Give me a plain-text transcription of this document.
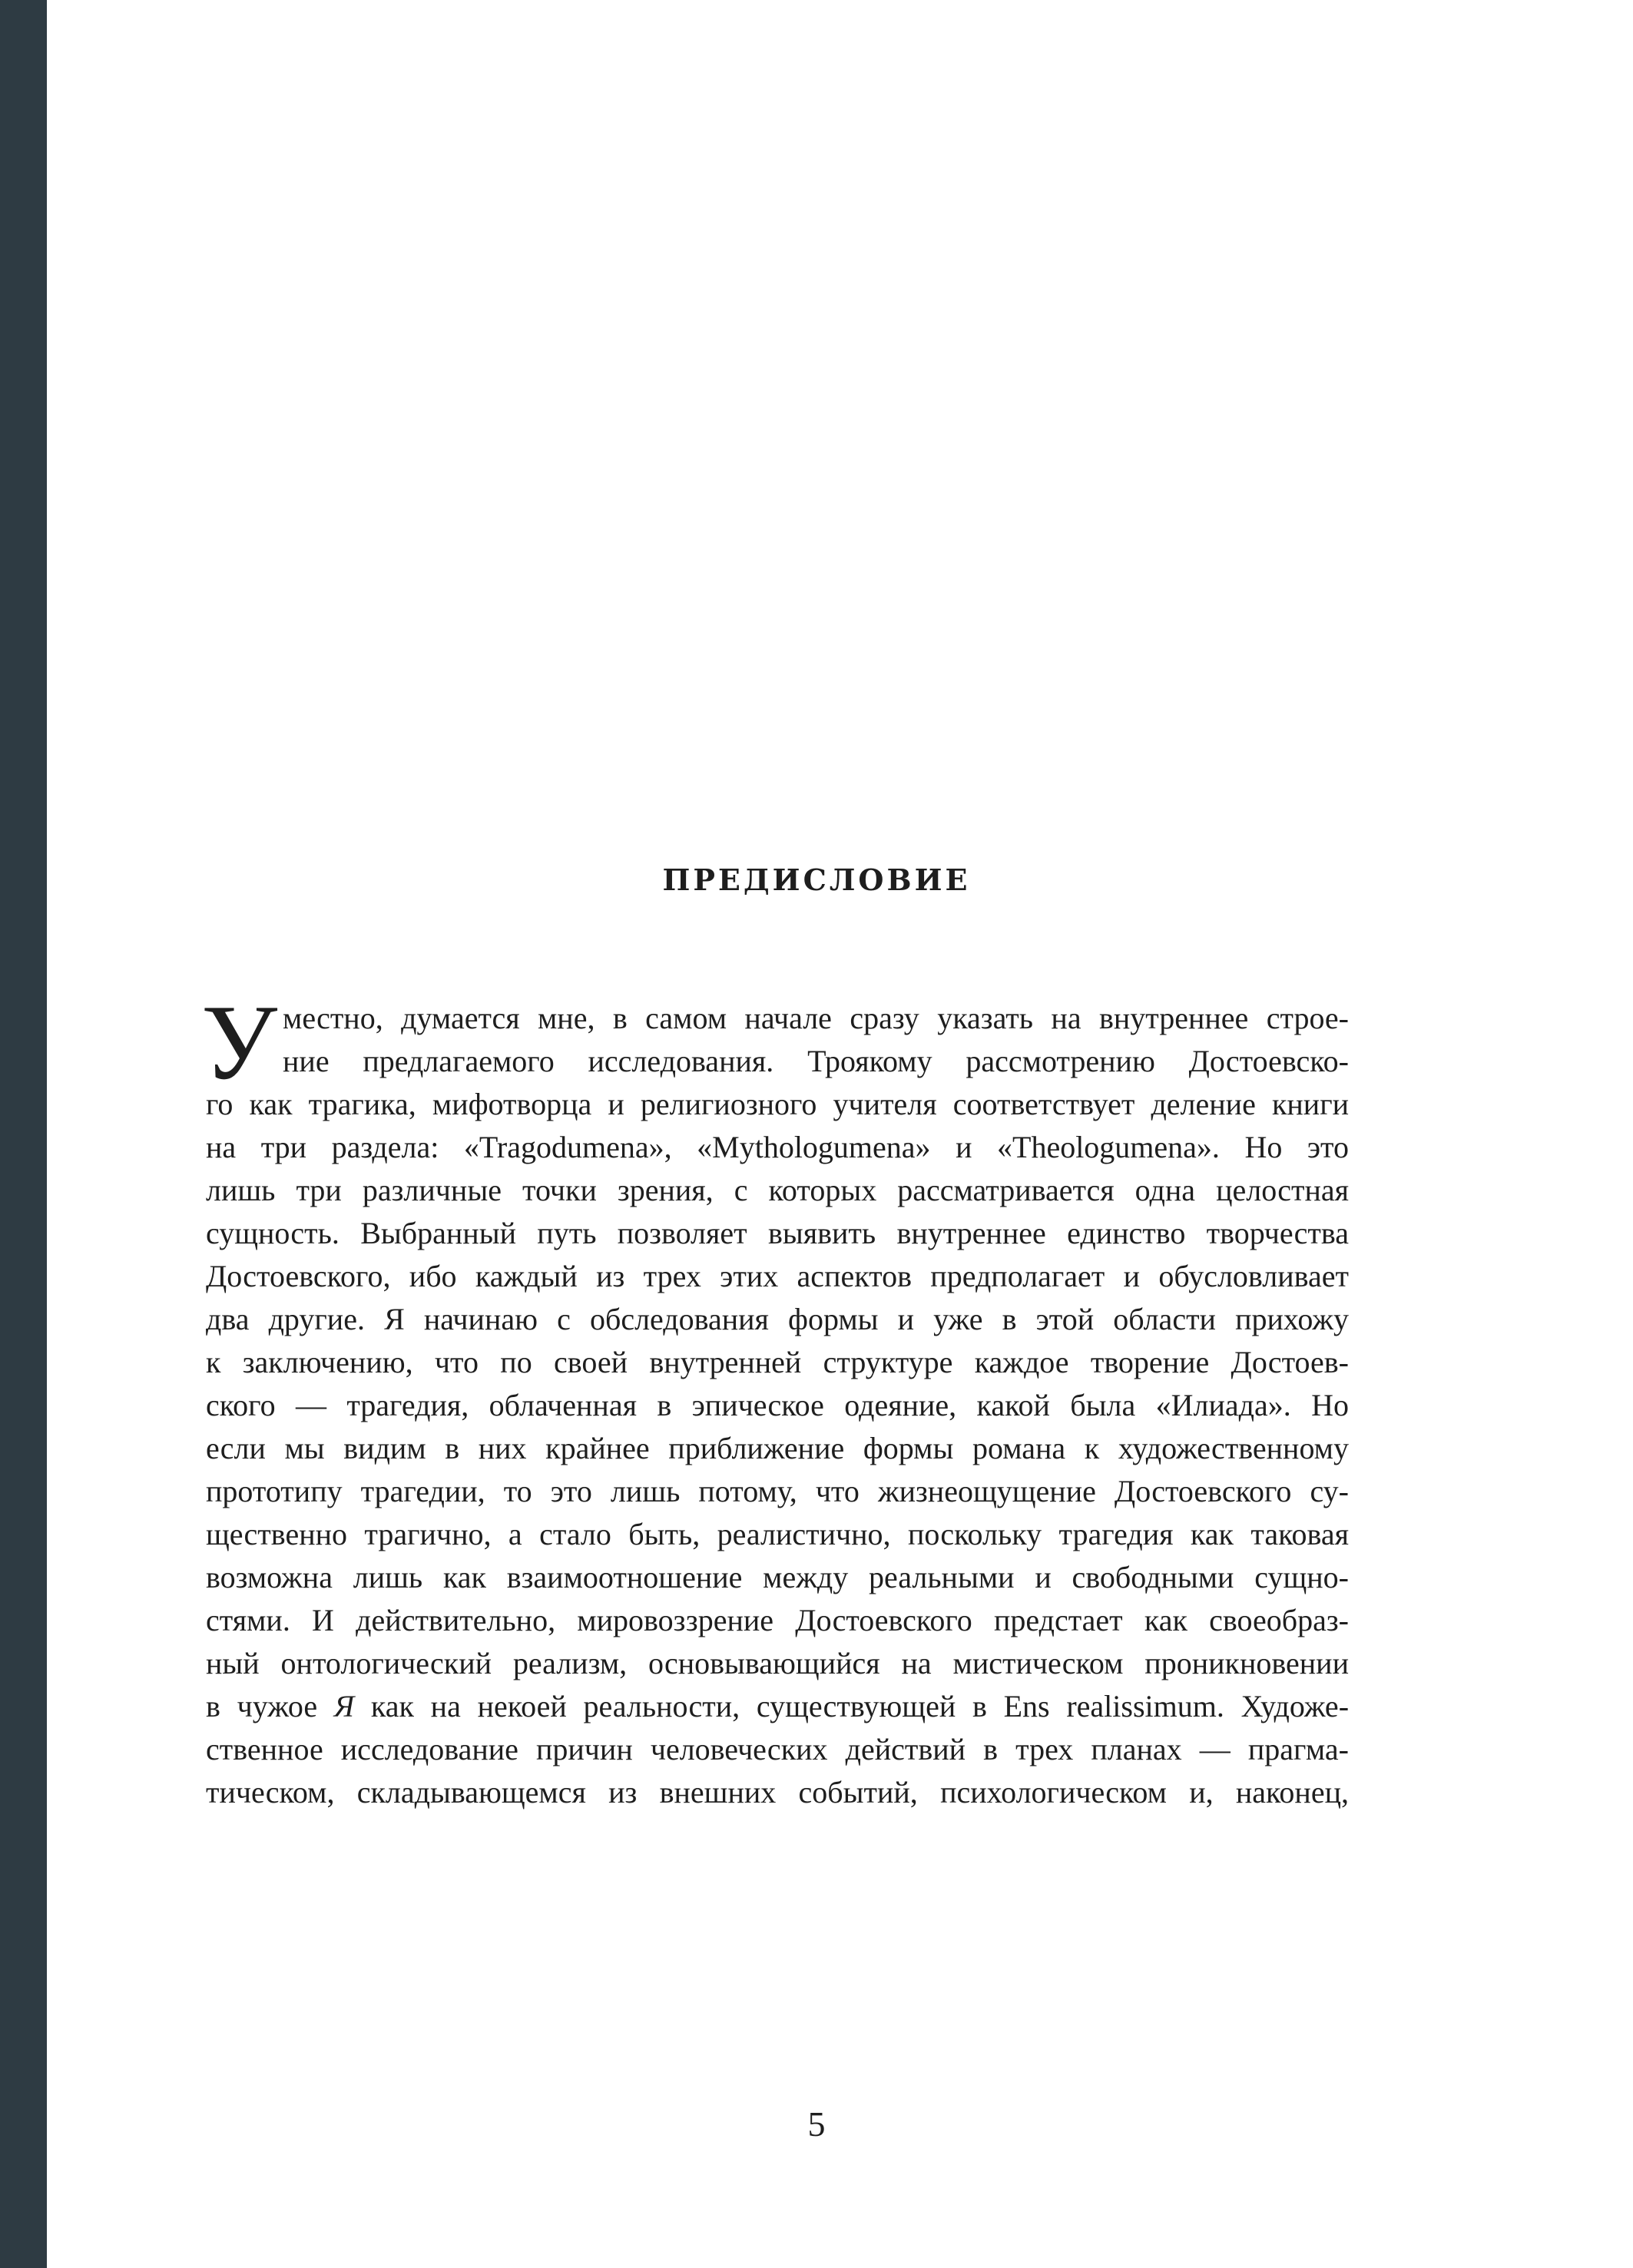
ПРЕДИСЛОВИЕ
У местно, думается мне, в самом начале сразу указать на внутреннее строе-
ние предлагаемого исследования. Троякому рассмотрению Достоевско-
го как трагика, мифотворца и религиозного учителя соответствует деление книги
на три раздела: «Tragodumena», «Mythologumena» и «Theologumena». Но это
лишь три различные точки зрения, с которых рассматривается одна целостная
сущность. Выбранный путь позволяет выявить внутреннее единство творчества
Достоевского, ибо каждый из трех этих аспектов предполагает и обусловливает
два другие. Я начинаю с обследования формы и уже в этой области прихожу
к заключению, что по своей внутренней структуре каждое творение Достоев-
ского — трагедия, облаченная в эпическое одеяние, какой была «Илиада». Но
если мы видим в них крайнее приближение формы романа к художественному
прототипу трагедии, то это лишь потому, что жизнеощущение Достоевского су-
щественно трагично, а стало быть, реалистично, поскольку трагедия как таковая
возможна лишь как взаимоотношение между реальными и свободными сущно-
стями. И действительно, мировоззрение Достоевского предстает как своеобраз-
ный онтологический реализм, основывающийся на мистическом проникновении
в чужое Я как на некоей реальности, существующей в Ens realissimum. Художе-
ственное исследование причин человеческих действий в трех планах — прагма-
тическом, складывающемся из внешних событий, психологическом и, наконец,
5
